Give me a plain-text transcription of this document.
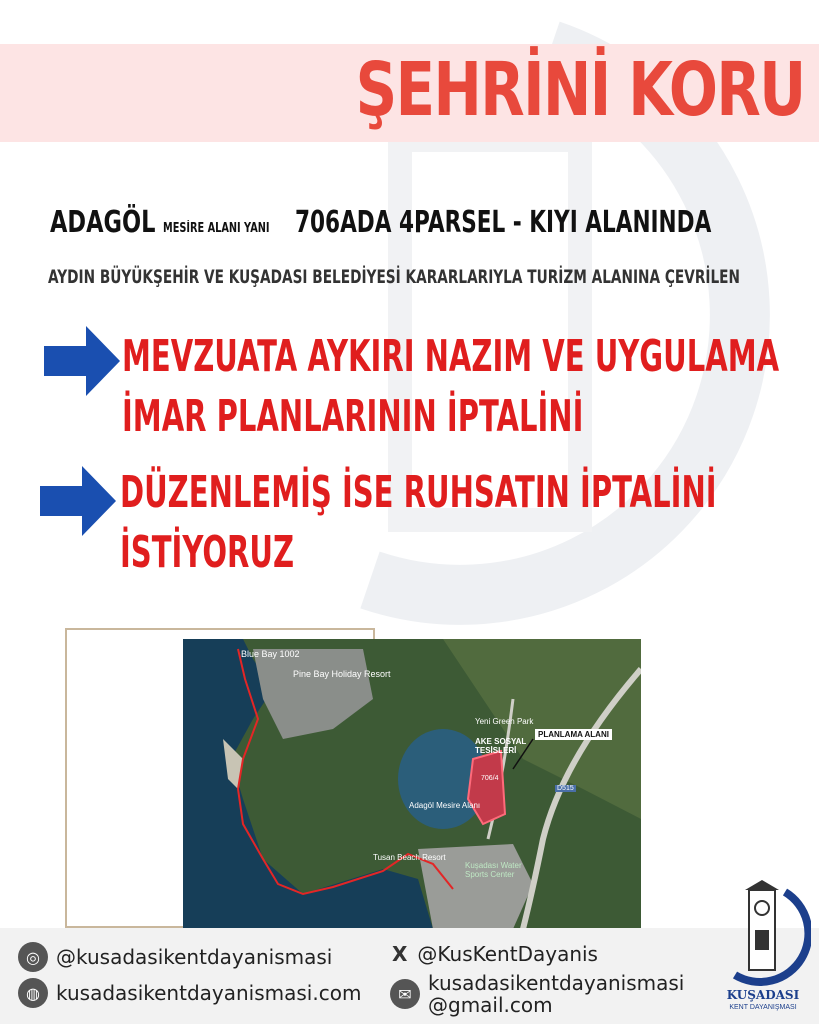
ŞEHRİNİ KORU
ADAGÖL MESİRE ALANI YANI 706ADA 4PARSEL - KIYI ALANINDA
AYDIN BÜYÜKŞEHİR VE KUŞADASI BELEDİYESİ KARARLARIYLA TURİZM ALANINA ÇEVRİLEN
MEVZUATA AYKIRI NAZIM VE UYGULAMA
İMAR PLANLARININ İPTALİNİ
DÜZENLEMİŞ İSE RUHSATIN İPTALİNİ
İSTİYORUZ
Blue Bay 1002
Pine Bay Holiday Resort
Yeni Green Park
AKE SOSYAL TESİSLERİ
PLANLAMA ALANI
706/4
Adagöl Mesire Alanı
Tusan Beach Resort
Kuşadası Water Sports Center
D515
◎ @kusadasikentdayanismasi	X @KusKentDayanis
◍ kusadasikentdayanismasi.com	✉ kusadasikentdayanismasi
@gmail.com	KUŞADASI
KENT DAYANIŞMASI
